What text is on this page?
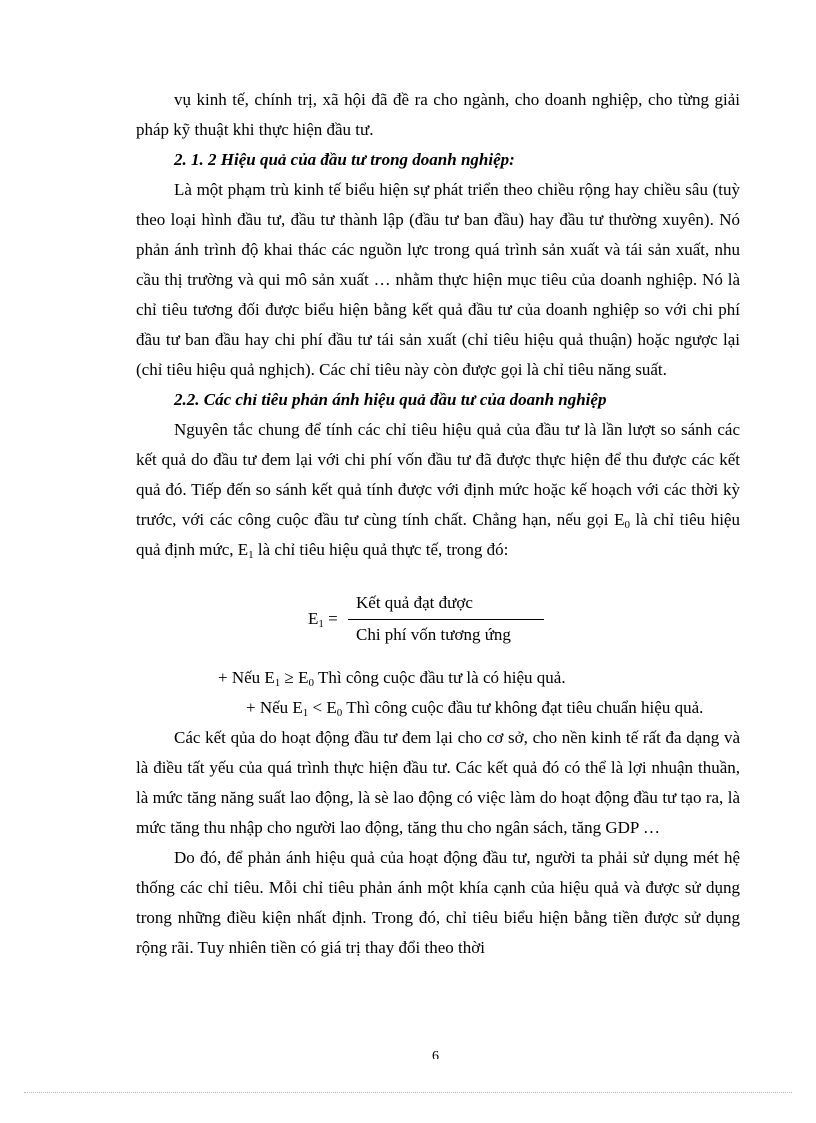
vụ kinh tế, chính trị, xã hội đã đề ra cho ngành, cho doanh nghiệp, cho từng giải pháp kỹ thuật khi thực hiện đầu tư.

2. 1. 2 Hiệu quả của đầu tư trong doanh nghiệp:

Là một phạm trù kinh tế biểu hiện sự phát triển theo chiều rộng hay chiều sâu (tuỳ theo loại hình đầu tư, đầu tư thành lập (đầu tư ban đầu) hay đầu tư thường xuyên). Nó phản ánh trình độ khai thác các nguồn lực trong quá trình sản xuất và tái sản xuất, nhu cầu thị trường và qui mô sản xuất … nhằm thực hiện mục tiêu của doanh nghiệp. Nó là chỉ tiêu tương đối được biểu hiện bằng kết quả đầu tư của doanh nghiệp so với chi phí đầu tư ban đầu hay chi phí đầu tư tái sản xuất (chỉ tiêu hiệu quả thuận) hoặc ngược lại (chỉ tiêu hiệu quả nghịch). Các chỉ tiêu này còn được gọi là chỉ tiêu năng suất.

2.2. Các chỉ tiêu phản ánh hiệu quả đầu tư của doanh nghiệp

Nguyên tắc chung để tính các chỉ tiêu hiệu quả của đầu tư là lần lượt so sánh các kết quả do đầu tư đem lại với chi phí vốn đầu tư đã được thực hiện để thu được các kết quả đó. Tiếp đến so sánh kết quả tính được với định mức hoặc kế hoạch với các thời kỳ trước, với các công cuộc đầu tư cùng tính chất. Chẳng hạn, nếu gọi $E_0$ là chỉ tiêu hiệu quả định mức, $E_1$ là chỉ tiêu hiệu quả thực tế, trong đó:

$E_1$ =
Kết quả đạt được
Chi phí vốn tương ứng

+ Nếu $E_1 \ge E_0$ Thì công cuộc đầu tư là có hiệu quả.

+ Nếu $E_1 < E_0$ Thì công cuộc đầu tư không đạt tiêu chuẩn hiệu quả.

Các kết qủa do hoạt động đầu tư đem lại cho cơ sở, cho nền kinh tế rất đa dạng và là điều tất yếu của quá trình thực hiện đầu tư. Các kết quả đó có thể là lợi nhuận thuần, là mức tăng năng suất lao động, là sè lao động có việc làm do hoạt động đầu tư tạo ra, là mức tăng thu nhập cho người lao động, tăng thu cho ngân sách, tăng GDP …

Do đó, để phản ánh hiệu quả của hoạt động đầu tư, người ta phải sử dụng mét hệ thống các chỉ tiêu. Mỗi chỉ tiêu phản ánh một khía cạnh của hiệu quả và được sử dụng trong những điều kiện nhất định. Trong đó, chỉ tiêu biểu hiện bằng tiền được sử dụng rộng rãi. Tuy nhiên tiền có giá trị thay đổi theo thời

6
